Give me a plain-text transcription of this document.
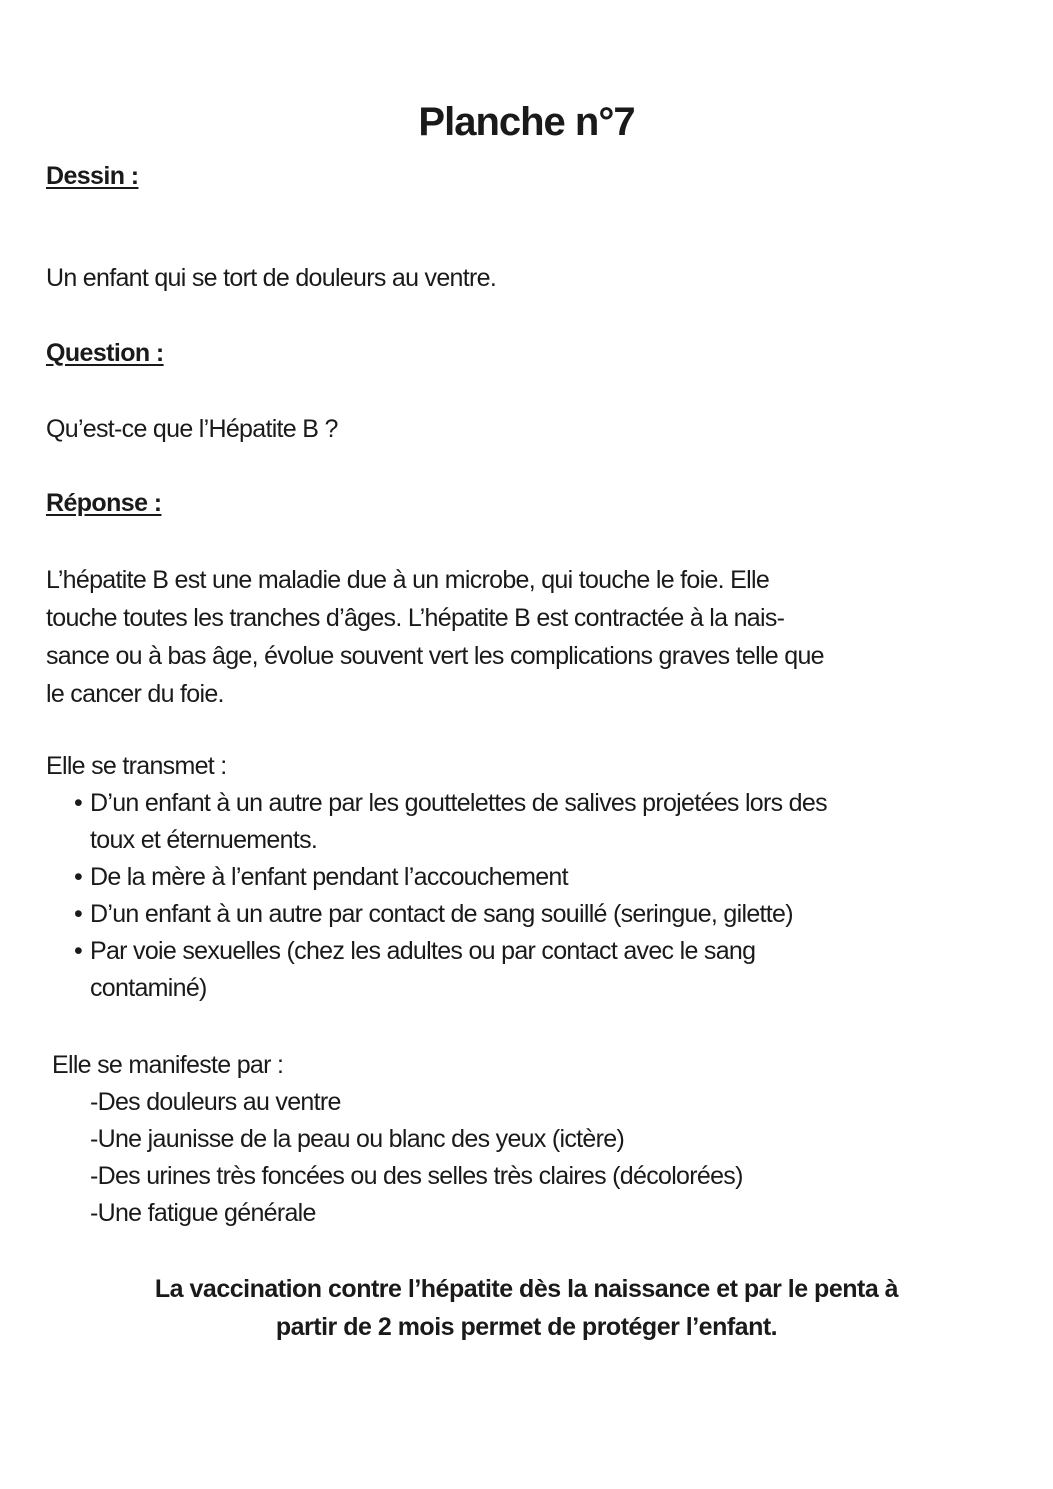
Planche n°7
Dessin :
Un enfant qui se tort de douleurs au ventre.
Question :
Qu’est-ce que l’Hépatite B ?
Réponse :
L’hépatite B est une maladie due à un microbe, qui touche le foie. Elle
touche toutes les tranches d’âges. L’hépatite B est contractée à la nais-
sance ou à bas âge, évolue souvent vert les complications graves telle que
le cancer du foie.
Elle se transmet :
• D’un enfant à un autre par les gouttelettes de salives projetées lors des
toux et éternuements.
• De la mère à l’enfant pendant l’accouchement
• D’un enfant à un autre par contact de sang souillé (seringue, gilette)
• Par voie sexuelles (chez les adultes ou par contact avec le sang
contaminé)
Elle se manifeste par :
-Des douleurs au ventre
-Une jaunisse de la peau ou blanc des yeux (ictère)
-Des urines très foncées ou des selles très claires (décolorées)
-Une fatigue générale
La vaccination contre l’hépatite dès la naissance et par le penta à
partir de 2 mois permet de protéger l’enfant.
